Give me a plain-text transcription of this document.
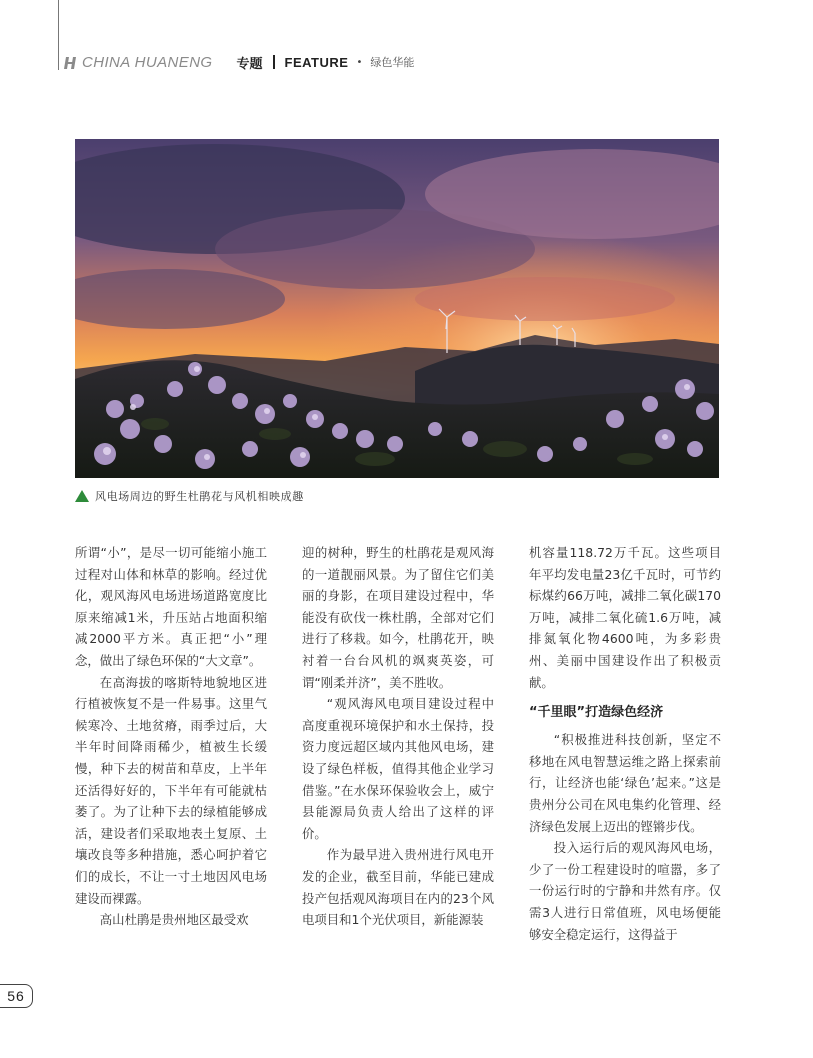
CHINA HUANENG 专题 FEATURE • 绿色华能
风电场周边的野生杜鹃花与风机相映成趣

所谓“小”，是尽一切可能缩小施工过程对山体和林草的影响。经过优化，观风海风电场进场道路宽度比原来缩减1米，升压站占地面积缩减2000平方米。真正把“小”理念，做出了绿色环保的“大文章”。

在高海拔的喀斯特地貌地区进行植被恢复不是一件易事。这里气候寒冷、土地贫瘠，雨季过后，大半年时间降雨稀少，植被生长缓慢，种下去的树苗和草皮，上半年还活得好好的，下半年有可能就枯萎了。为了让种下去的绿植能够成活，建设者们采取地表土复原、土壤改良等多种措施，悉心呵护着它们的成长，不让一寸土地因风电场建设而裸露。

高山杜鹃是贵州地区最受欢

迎的树种，野生的杜鹃花是观风海的一道靓丽风景。为了留住它们美丽的身影，在项目建设过程中，华能没有砍伐一株杜鹃，全部对它们进行了移栽。如今，杜鹃花开，映衬着一台台风机的飒爽英姿，可谓“刚柔并济”，美不胜收。

“观风海风电项目建设过程中高度重视环境保护和水土保持，投资力度远超区域内其他风电场，建设了绿色样板，值得其他企业学习借鉴。”在水保环保验收会上，威宁县能源局负责人给出了这样的评价。

作为最早进入贵州进行风电开发的企业，截至目前，华能已建成投产包括观风海项目在内的23个风电项目和1个光伏项目，新能源装

机容量118.72万千瓦。这些项目年平均发电量23亿千瓦时，可节约标煤约66万吨，减排二氧化碳170万吨，减排二氧化硫1.6万吨，减排氮氧化物4600吨，为多彩贵州、美丽中国建设作出了积极贡献。

“千里眼”打造绿色经济

“积极推进科技创新，坚定不移地在风电智慧运维之路上探索前行，让经济也能‘绿色’起来。”这是贵州分公司在风电集约化管理、经济绿色发展上迈出的铿锵步伐。

投入运行后的观风海风电场，少了一份工程建设时的喧嚣，多了一份运行时的宁静和井然有序。仅需3人进行日常值班，风电场便能够安全稳定运行，这得益于

56
